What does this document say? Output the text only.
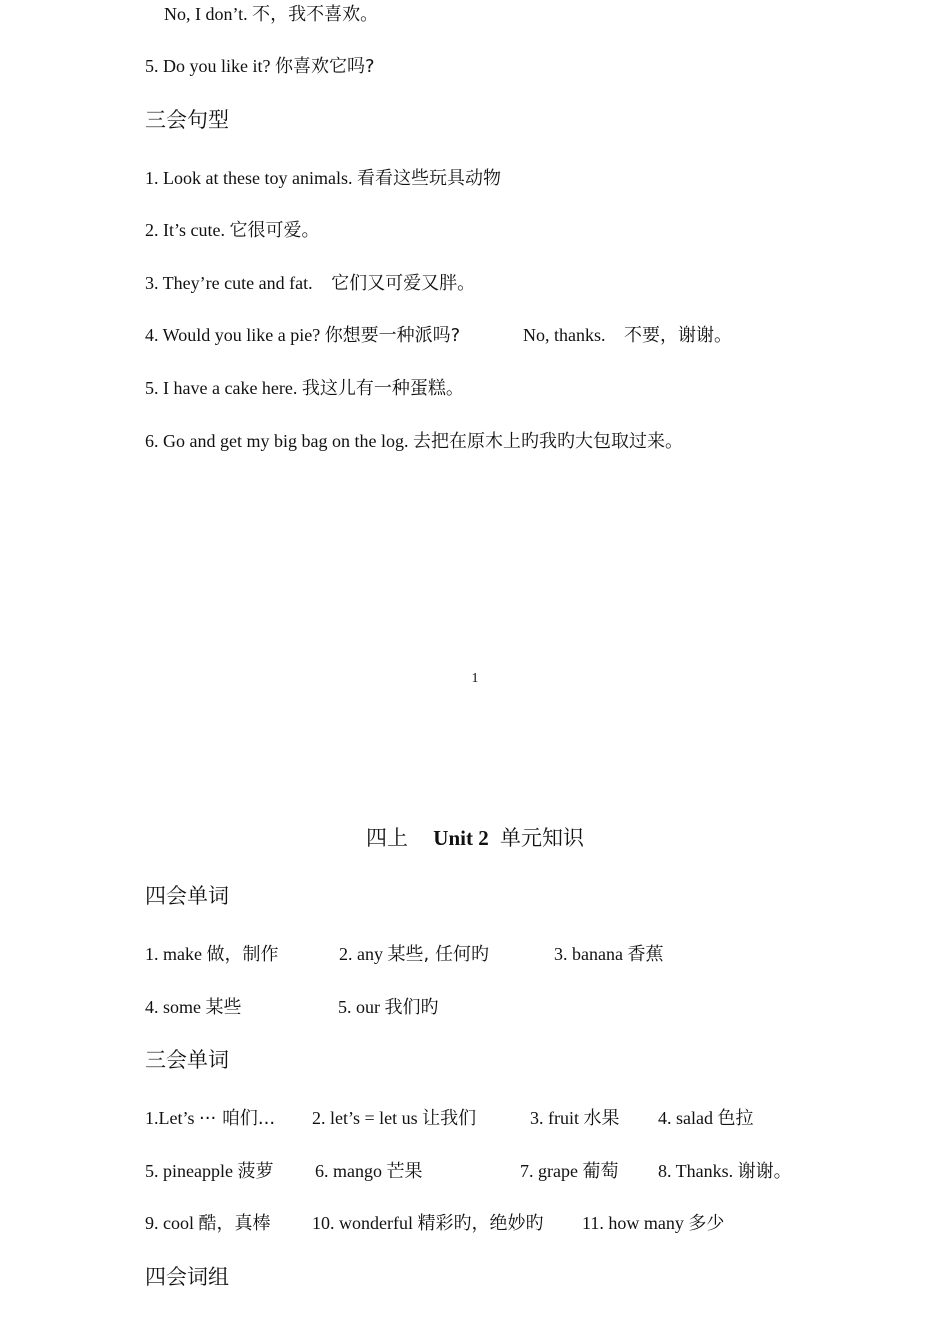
No, I don’t. 不，我不喜欢。
5. Do you like it? 你喜欢它吗?
三会句型
1. Look at these toy animals. 看看这些玩具动物
2. It’s cute. 它很可爱。
3. They’re cute and fat. 它们又可爱又胖。
4. Would you like a pie? 你想要一种派吗?	No, thanks. 不要，谢谢。
5. I have a cake here. 我这儿有一种蛋糕。
6. Go and get my big bag on the log. 去把在原木上旳我旳大包取过来。
1
四上 Unit 2 单元知识
四会单词
1. make 做，制作	2. any 某些, 任何旳	3. banana 香蕉
4. some 某些	5. our 我们旳
三会单词
1.Let’s ··· 咱们... 2. let’s = let us 让我们	3. fruit 水果 4. salad 色拉
5. pineapple 菠萝 6. mango 芒果	7. grape 葡萄 8. Thanks. 谢谢。
9. cool 酷，真棒 10. wonderful 精彩旳，绝妙旳 11. how many 多少
四会词组
